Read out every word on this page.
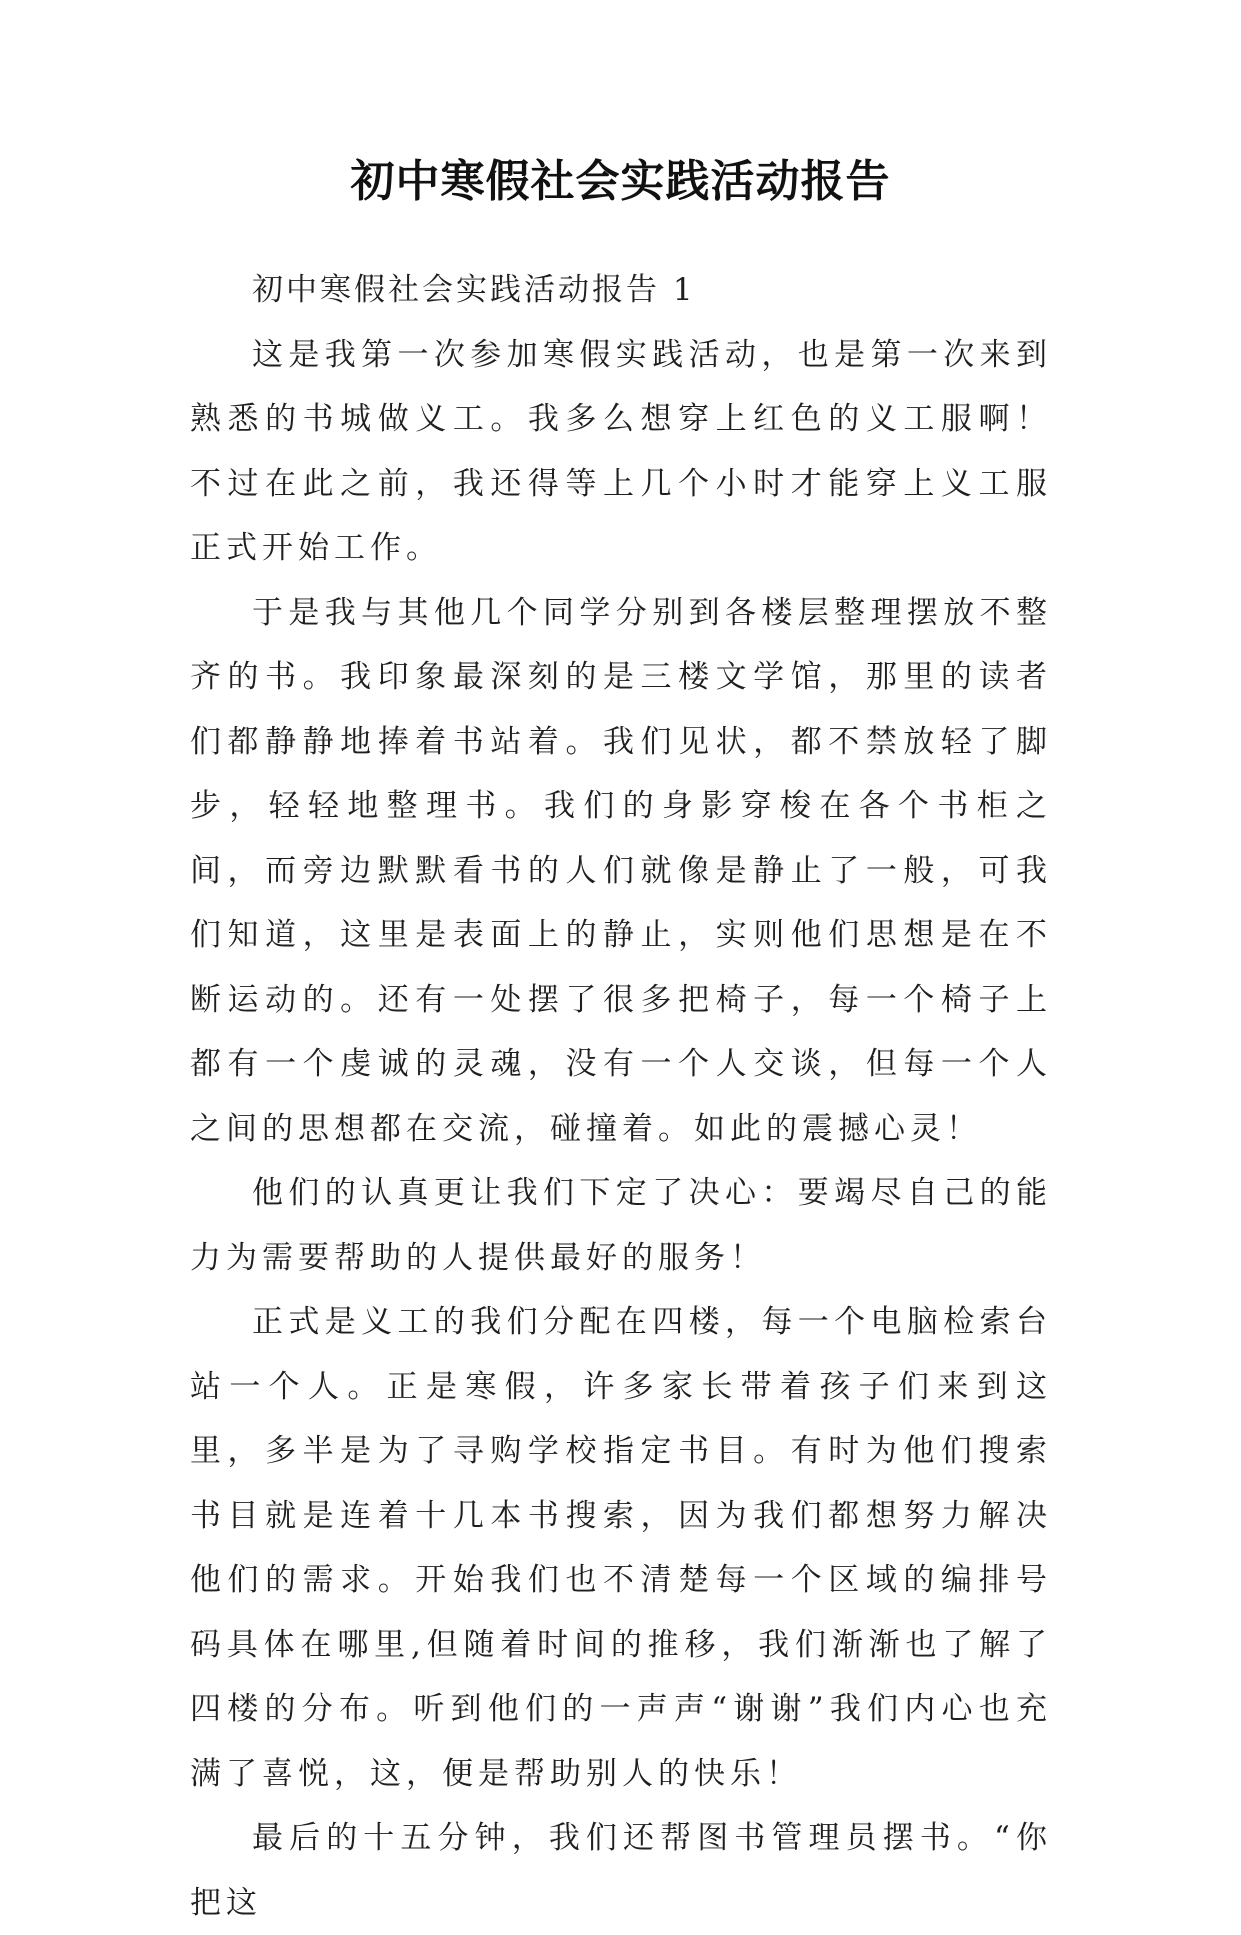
初中寒假社会实践活动报告

初中寒假社会实践活动报告 1

这是我第一次参加寒假实践活动，也是第一次来到熟悉的书城做义工。我多么想穿上红色的义工服啊！不过在此之前，我还得等上几个小时才能穿上义工服正式开始工作。

于是我与其他几个同学分别到各楼层整理摆放不整齐的书。我印象最深刻的是三楼文学馆，那里的读者们都静静地捧着书站着。我们见状，都不禁放轻了脚步，轻轻地整理书。我们的身影穿梭在各个书柜之间，而旁边默默看书的人们就像是静止了一般，可我们知道，这里是表面上的静止，实则他们思想是在不断运动的。还有一处摆了很多把椅子，每一个椅子上都有一个虔诚的灵魂，没有一个人交谈，但每一个人之间的思想都在交流，碰撞着。如此的震撼心灵！

他们的认真更让我们下定了决心：要竭尽自己的能力为需要帮助的人提供最好的服务！

正式是义工的我们分配在四楼，每一个电脑检索台站一个人。正是寒假，许多家长带着孩子们来到这里，多半是为了寻购学校指定书目。有时为他们搜索书目就是连着十几本书搜索，因为我们都想努力解决他们的需求。开始我们也不清楚每一个区域的编排号码具体在哪里,但随着时间的推移，我们渐渐也了解了四楼的分布。听到他们的一声声“谢谢”我们内心也充满了喜悦，这，便是帮助别人的快乐！

最后的十五分钟，我们还帮图书管理员摆书。“你把这
